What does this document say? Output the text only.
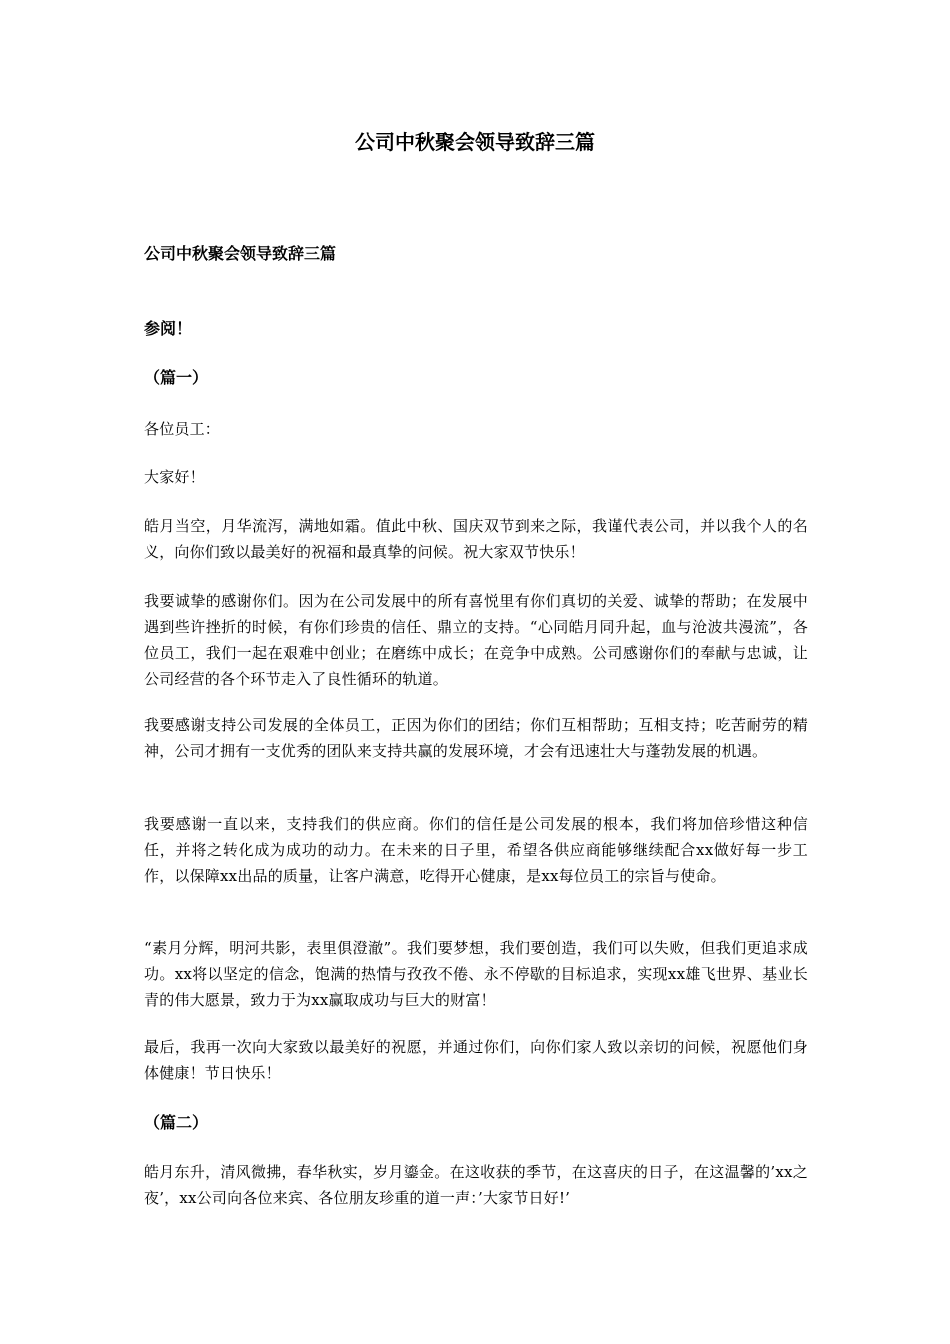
公司中秋聚会领导致辞三篇

公司中秋聚会领导致辞三篇

参阅！

（篇一）

各位员工：

大家好！

皓月当空，月华流泻，满地如霜。值此中秋、国庆双节到来之际，我谨代表公司，并以我个人的名义，向你们致以最美好的祝福和最真挚的问候。祝大家双节快乐！

我要诚挚的感谢你们。因为在公司发展中的所有喜悦里有你们真切的关爱、诚挚的帮助；在发展中遇到些许挫折的时候，有你们珍贵的信任、鼎立的支持。“心同皓月同升起，血与沧波共漫流”，各位员工，我们一起在艰难中创业；在磨练中成长；在竞争中成熟。公司感谢你们的奉献与忠诚，让公司经营的各个环节走入了良性循环的轨道。

我要感谢支持公司发展的全体员工，正因为你们的团结；你们互相帮助；互相支持；吃苦耐劳的精神，公司才拥有一支优秀的团队来支持共赢的发展环境，才会有迅速壮大与蓬勃发展的机遇。

我要感谢一直以来，支持我们的供应商。你们的信任是公司发展的根本，我们将加倍珍惜这种信任，并将之转化成为成功的动力。在未来的日子里，希望各供应商能够继续配合xx做好每一步工作，以保障xx出品的质量，让客户满意，吃得开心健康，是xx每位员工的宗旨与使命。

“素月分辉，明河共影，表里俱澄澈”。我们要梦想，我们要创造，我们可以失败，但我们更追求成功。xx将以坚定的信念，饱满的热情与孜孜不倦、永不停歇的目标追求，实现xx雄飞世界、基业长青的伟大愿景，致力于为xx赢取成功与巨大的财富！

最后，我再一次向大家致以最美好的祝愿，并通过你们，向你们家人致以亲切的问候，祝愿他们身体健康！节日快乐！

（篇二）

皓月东升，清风微拂，春华秋实，岁月鎏金。在这收获的季节，在这喜庆的日子，在这温馨的’xx之夜’，xx公司向各位来宾、各位朋友珍重的道一声：’大家节日好!’
